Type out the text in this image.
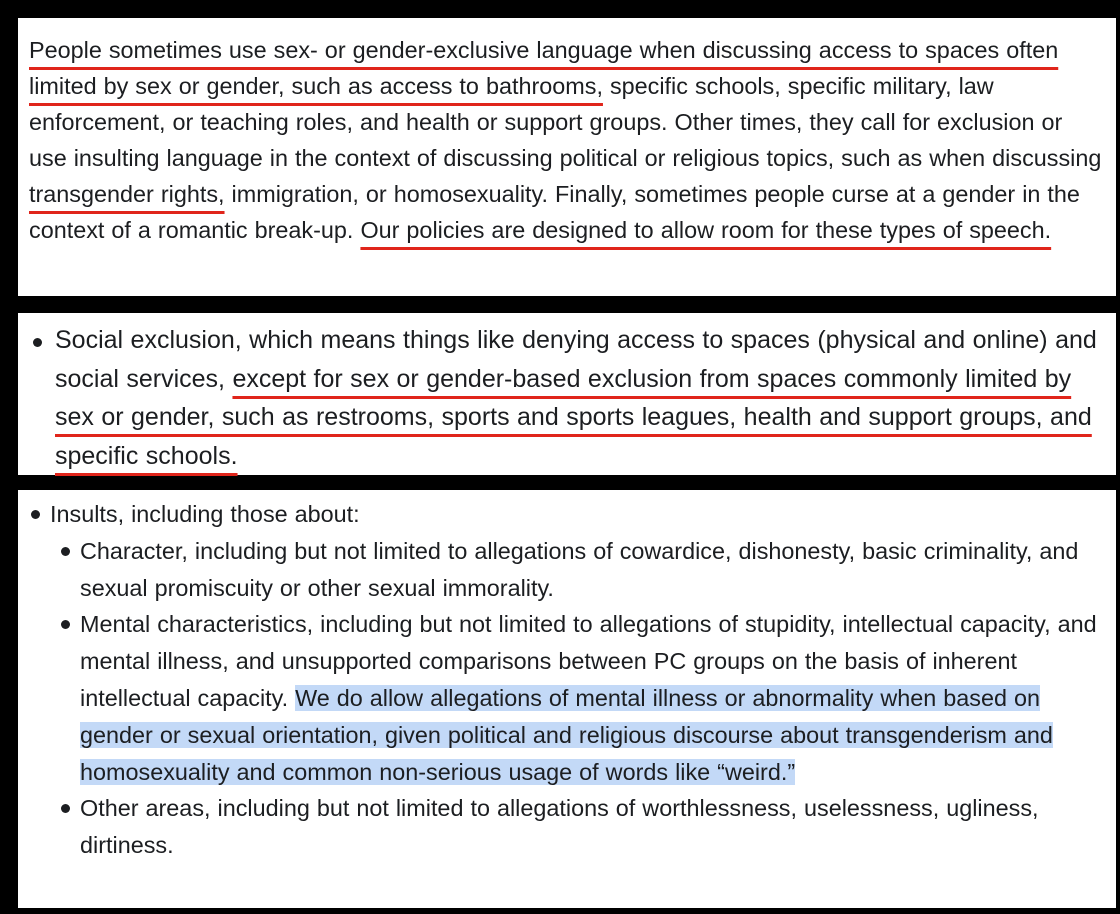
People sometimes use sex- or gender-exclusive language when discussing access to spaces often limited by sex or gender, such as access to bathrooms, specific schools, specific military, law enforcement, or teaching roles, and health or support groups. Other times, they call for exclusion or use insulting language in the context of discussing political or religious topics, such as when discussing transgender rights, immigration, or homosexuality. Finally, sometimes people curse at a gender in the context of a romantic break-up. Our policies are designed to allow room for these types of speech.

Social exclusion, which means things like denying access to spaces (physical and online) and social services, except for sex or gender-based exclusion from spaces commonly limited by sex or gender, such as restrooms, sports and sports leagues, health and support groups, and specific schools.
Insults, including those about:
Character, including but not limited to allegations of cowardice, dishonesty, basic criminality, and sexual promiscuity or other sexual immorality.
Mental characteristics, including but not limited to allegations of stupidity, intellectual capacity, and mental illness, and unsupported comparisons between PC groups on the basis of inherent intellectual capacity. We do allow allegations of mental illness or abnormality when based on gender or sexual orientation, given political and religious discourse about transgenderism and homosexuality and common non-serious usage of words like “weird.”
Other areas, including but not limited to allegations of worthlessness, uselessness, ugliness, dirtiness.
